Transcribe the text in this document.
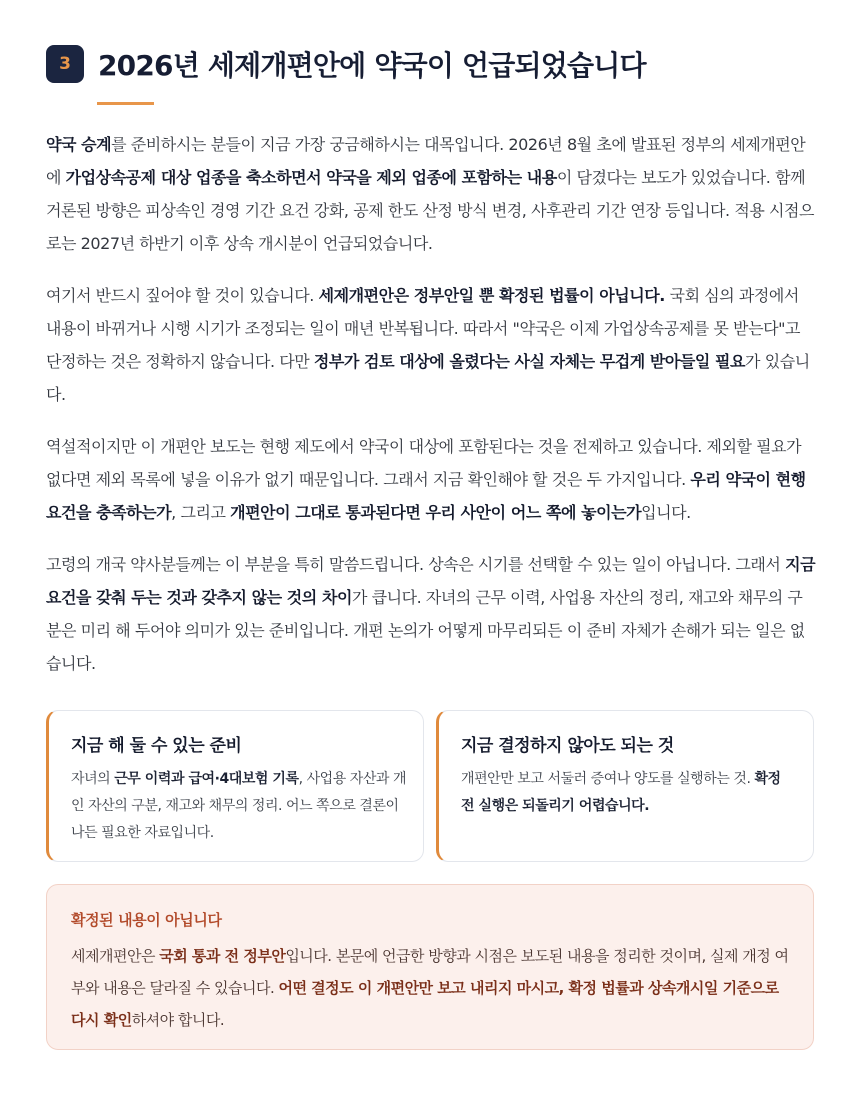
3 2026년 세제개편안에 약국이 언급되었습니다

약국 승계를 준비하시는 분들이 지금 가장 궁금해하시는 대목입니다. 2026년 8월 초에 발표된 정부의 세제개편안에 가업상속공제 대상 업종을 축소하면서 약국을 제외 업종에 포함하는 내용이 담겼다는 보도가 있었습니다. 함께 거론된 방향은 피상속인 경영 기간 요건 강화, 공제 한도 산정 방식 변경, 사후관리 기간 연장 등입니다. 적용 시점으로는 2027년 하반기 이후 상속 개시분이 언급되었습니다.

여기서 반드시 짚어야 할 것이 있습니다. 세제개편안은 정부안일 뿐 확정된 법률이 아닙니다. 국회 심의 과정에서 내용이 바뀌거나 시행 시기가 조정되는 일이 매년 반복됩니다. 따라서 "약국은 이제 가업상속공제를 못 받는다"고 단정하는 것은 정확하지 않습니다. 다만 정부가 검토 대상에 올렸다는 사실 자체는 무겁게 받아들일 필요가 있습니다.

역설적이지만 이 개편안 보도는 현행 제도에서 약국이 대상에 포함된다는 것을 전제하고 있습니다. 제외할 필요가 없다면 제외 목록에 넣을 이유가 없기 때문입니다. 그래서 지금 확인해야 할 것은 두 가지입니다. 우리 약국이 현행 요건을 충족하는가, 그리고 개편안이 그대로 통과된다면 우리 사안이 어느 쪽에 놓이는가입니다.

고령의 개국 약사분들께는 이 부분을 특히 말씀드립니다. 상속은 시기를 선택할 수 있는 일이 아닙니다. 그래서 지금 요건을 갖춰 두는 것과 갖추지 않는 것의 차이가 큽니다. 자녀의 근무 이력, 사업용 자산의 정리, 재고와 채무의 구분은 미리 해 두어야 의미가 있는 준비입니다. 개편 논의가 어떻게 마무리되든 이 준비 자체가 손해가 되는 일은 없습니다.

지금 해 둘 수 있는 준비

자녀의 근무 이력과 급여·4대보험 기록, 사업용 자산과 개인 자산의 구분, 재고와 채무의 정리. 어느 쪽으로 결론이 나든 필요한 자료입니다.

지금 결정하지 않아도 되는 것

개편안만 보고 서둘러 증여나 양도를 실행하는 것. 확정 전 실행은 되돌리기 어렵습니다.

확정된 내용이 아닙니다

세제개편안은 국회 통과 전 정부안입니다. 본문에 언급한 방향과 시점은 보도된 내용을 정리한 것이며, 실제 개정 여부와 내용은 달라질 수 있습니다. 어떤 결정도 이 개편안만 보고 내리지 마시고, 확정 법률과 상속개시일 기준으로 다시 확인하셔야 합니다.
